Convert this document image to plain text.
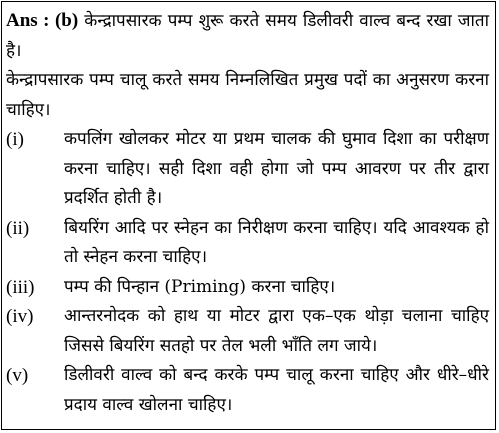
Ans : (b) केन्द्रापसारक पम्प शुरू करते समय डिलीवरी वाल्व बन्द रखा जाता है।

केन्द्रापसारक पम्प चालू करते समय निम्नलिखित प्रमुख पदों का अनुसरण करना चाहिए।

(i)	कपलिंग खोलकर मोटर या प्रथम चालक की घुमाव दिशा का परीक्षण करना चाहिए। सही दिशा वही होगा जो पम्प आवरण पर तीर द्वारा प्रदर्शित होती है।
(ii)	बियरिंग आदि पर स्नेहन का निरीक्षण करना चाहिए। यदि आवश्यक हो तो स्नेहन करना चाहिए।
(iii)	पम्प की पिन्हान (Priming) करना चाहिए।
(iv)	आन्तरनोदक को हाथ या मोटर द्वारा एक–एक थोड़ा चलाना चाहिए जिससे बियरिंग सतहो पर तेल भली भाँति लग जाये।
(v)	डिलीवरी वाल्व को बन्द करके पम्प चालू करना चाहिए और धीरे–धीरे प्रदाय वाल्व खोलना चाहिए।
